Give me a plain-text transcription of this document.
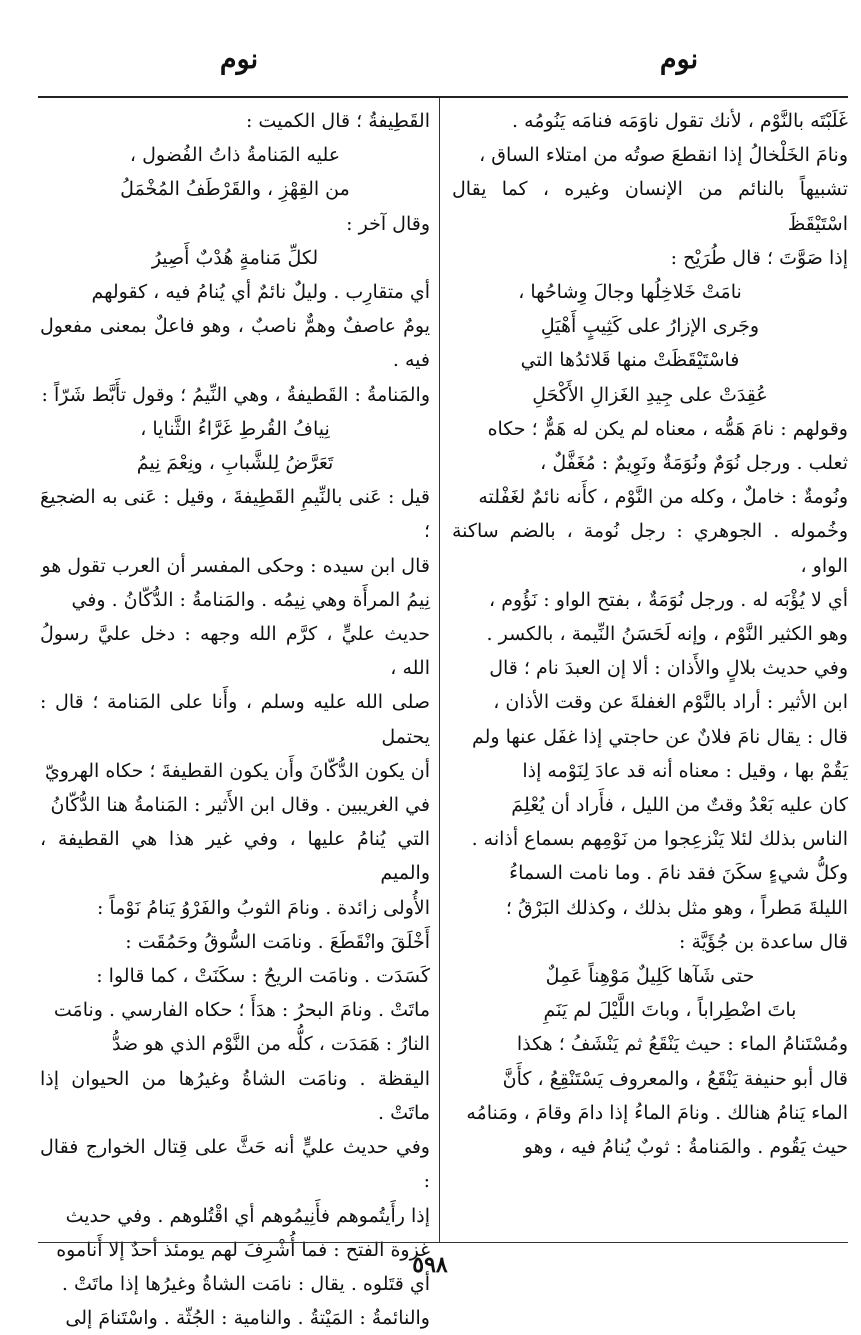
نوم
نوم

غَلَبْتَه بالنَّوْم ، لأنك تقول ناوَمَه فنامَه يَنُومُه .

ونامَ الخَلْخالُ إذا انقطعَ صوتُه من امتلاء الساق ،

تشبيهاً بالنائم من الإنسان وغيره ، كما يقال اسْتَيْقَظَ

إذا صَوَّتَ ؛ قال طُرَيْح :

نامَتْ خَلاخِلُها وجالَ وِشاحُها ،

وجَرى الإزارُ على كَثِيبٍ أَهْيَلِ

فاسْتَيْقَظَتْ منها قَلائدُها التي

عُقِدَتْ على جِيدِ الغَزالِ الأَكْحَلِ

وقولهم : نامَ هَمُّه ، معناه لم يكن له هَمٌّ ؛ حكاه

ثعلب . ورجل نُوَمٌ ونُوَمَةٌ ونَوِيمٌ : مُغَفَّلٌ ،

ونُومةٌ : خاملٌ ، وكله من النَّوْم ، كأَنه نائمٌ لغَفْلته

وخُموله . الجوهري : رجل نُومة ، بالضم ساكنة الواو ،

أي لا يُؤْبَه له . ورجل نُوَمَةٌ ، بفتح الواو : نَؤُوم ،

وهو الكثير النَّوْم ، وإنه لَحَسَنُ النِّيمة ، بالكسر .

وفي حديث بلالٍ والأَذان : ألا إن العبدَ نام ؛ قال

ابن الأثير : أراد بالنَّوْم الغفلةَ عن وقت الأذان ،

قال : يقال نامَ فلانٌ عن حاجتي إذا غفَل عنها ولم

يَقُمْ بها ، وقيل : معناه أنه قد عادَ لِنَوْمه إذا

كان عليه بَعْدُ وقتٌ من الليل ، فأَراد أن يُعْلِمَ

الناس بذلك لئلا يَنْزعِجوا من نَوْمِهم بسماع أذانه .

وكلُّ شيءٍ سكَنَ فقد نامَ . وما نامت السماءُ

الليلةَ مَطراً ، وهو مثل بذلك ، وكذلك البَرْقُ ؛

قال ساعدة بن جُؤَيَّة :

حتى شَآها كَلِيلٌ مَوْهِناً عَمِلٌ

باتَ اضْطِراباً ، وباتَ اللَّيْلَ لم يَنَمِ

ومُسْتَنامُ الماء : حيث يَنْقَعُ ثم يَنْشَفُ ؛ هكذا

قال أبو حنيفة يَنْقَعُ ، والمعروف يَسْتَنْقِعُ ، كأَنَّ

الماء يَنامُ هنالك . ونامَ الماءُ إذا دامَ وقامَ ، ومَنامُه

حيث يَقُوم . والمَنامةُ : ثوبٌ يُنامُ فيه ، وهو

القَطِيفةُ ؛ قال الكميت :

عليه المَنامةُ ذاتُ الفُضول ،

من القِهْزِ ، والقَرْطَفُ المُخْمَلُ

وقال آخر :

لكلِّ مَنامةٍ هُدْبٌ أَصِيرُ

أي متقارِب . وليلٌ نائمٌ أي يُنامُ فيه ، كقولهم

يومٌ عاصفٌ وهمٌّ ناصبٌ ، وهو فاعلٌ بمعنى مفعول فيه .

والمَنامةُ : القَطيفةُ ، وهي النِّيمُ ؛ وقول تأَبَّط شَرّاً :

نِيافُ القُرطِ غَرَّاءُ الثَّنايا ،

تَعَرَّضُ لِلشَّبابِ ، ونِعْمَ نِيمُ

قيل : عَنى بالنِّيمِ القَطِيفةَ ، وقيل : عَنى به الضجيعَ ؛

قال ابن سيده : وحكى المفسر أن العرب تقول هو

نِيمُ المرأَة وهي نِيمُه . والمَنامةُ : الدُّكّانُ . وفي

حديث عليٍّ ، كرَّم الله وجهه : دخل عليَّ رسولُ الله ،

صلى الله عليه وسلم ، وأَنا على المَنامة ؛ قال : يحتمل

أن يكون الدُّكّانَ وأَن يكون القطيفةَ ؛ حكاه الهرويّ

في الغريبين . وقال ابن الأَثير : المَنامةُ هنا الدُّكّانُ

التي يُنامُ عليها ، وفي غير هذا هي القطيفة ، والميم

الأُولى زائدة . ونامَ الثوبُ والفَرْوُ يَنامُ نَوْماً :

أَخْلَقَ وانْقَطَعَ . ونامَت السُّوقُ وحَمُقَت :

كَسَدَت . ونامَت الريحُ : سكَنَتْ ، كما قالوا :

ماتَتْ . ونامَ البحرُ : هدَأَ ؛ حكاه الفارسي . ونامَت

النارُ : هَمَدَت ، كلُّه من النَّوْم الذي هو ضدُّ

اليقظة . ونامَت الشاةُ وغيرُها من الحيوان إذا ماتَتْ .

وفي حديث عليٍّ أنه حَثَّ على قِتال الخوارج فقال :

إذا رأَيتُموهم فأَنِيمُوهم أي اقْتُلوهم . وفي حديث

غزوة الفتح : فما أُشْرِفَ لهم يومئذ أحدٌ إلا أَناموه

أي قتَلوه . يقال : نامَت الشاةُ وغيرُها إذا ماتَتْ .

والنائمةُ : المَيْتةُ . والنامية : الجُثّة . واسْتَنامَ إلى

٥٩٨
